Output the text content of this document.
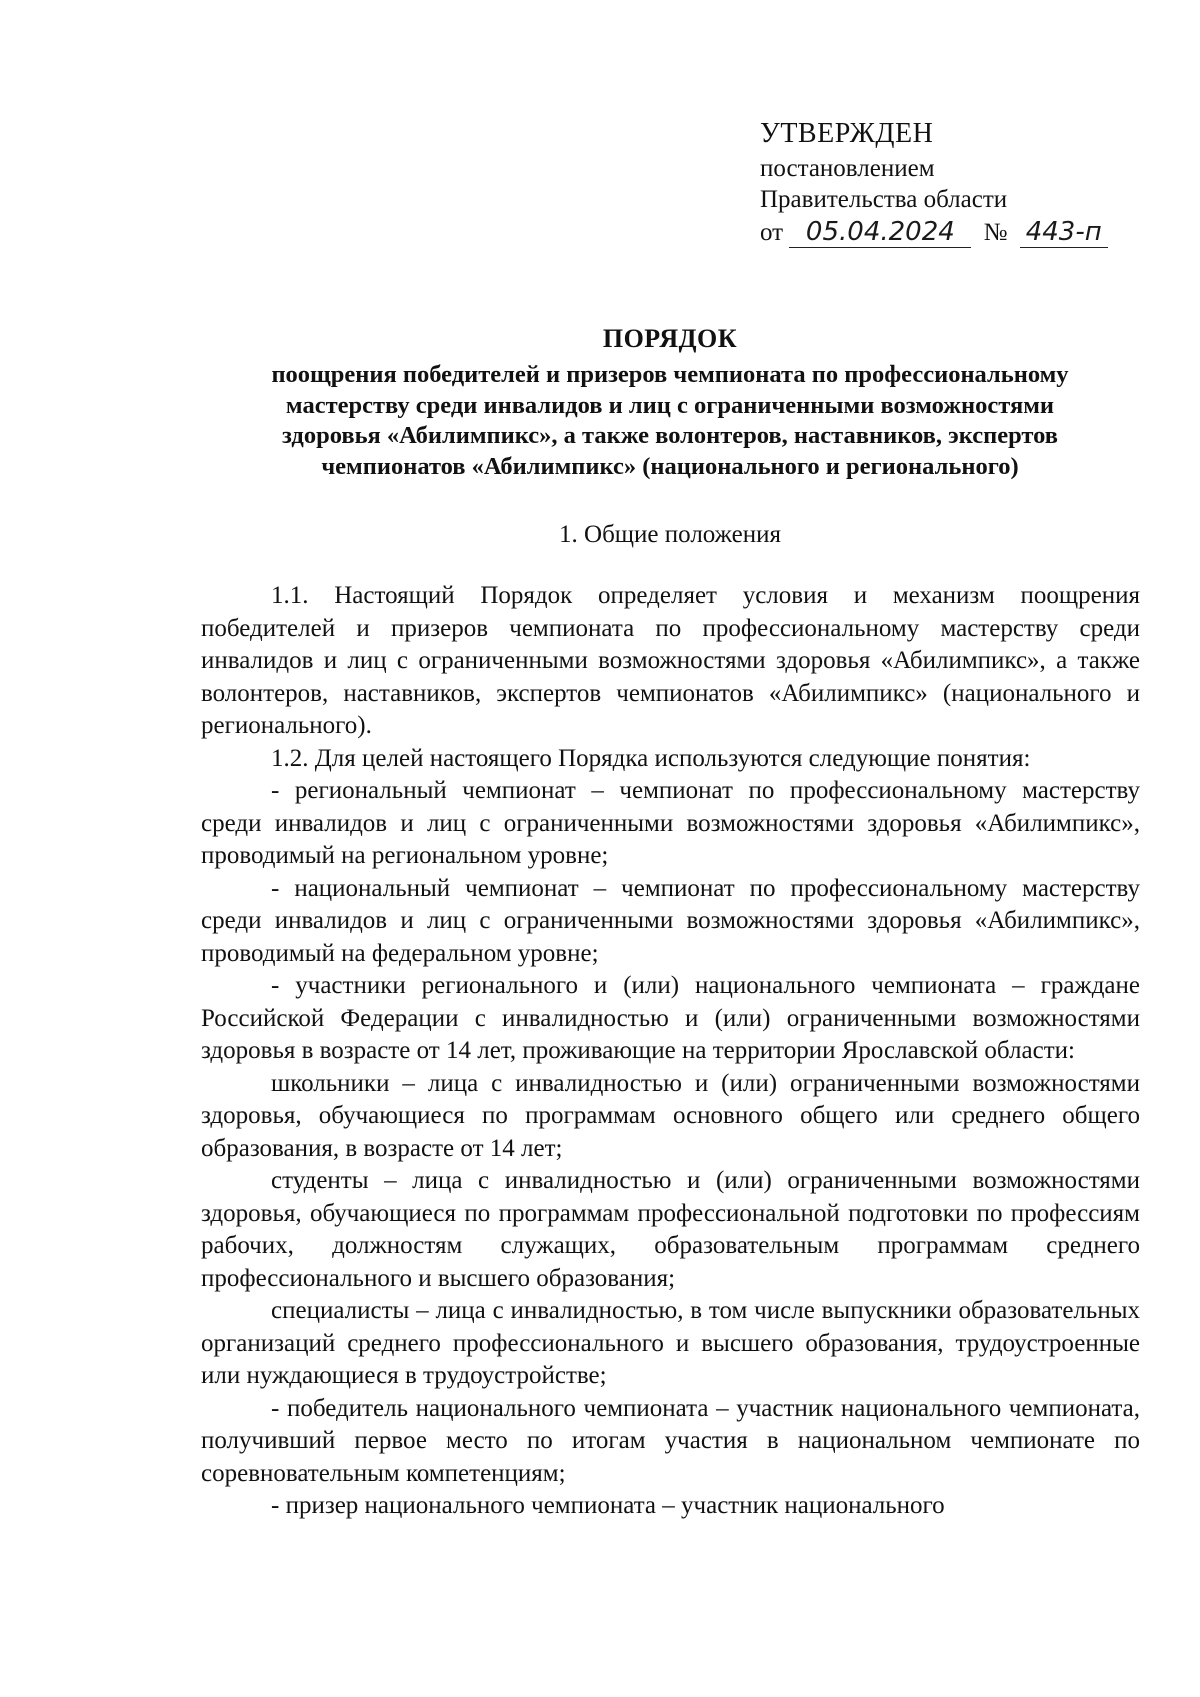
УТВЕРЖДЕН
постановлением
Правительства области
от 05.04.2024 № 443-п
ПОРЯДОК
поощрения победителей и призеров чемпионата по профессиональному
мастерству среди инвалидов и лиц с ограниченными возможностями
здоровья «Абилимпикс», а также волонтеров, наставников, экспертов
чемпионатов «Абилимпикс» (национального и регионального)
1. Общие положения

1.1. Настоящий Порядок определяет условия и механизм поощрения победителей и призеров чемпионата по профессиональному мастерству среди инвалидов и лиц с ограниченными возможностями здоровья «Абилимпикс», а также волонтеров, наставников, экспертов чемпионатов «Абилимпикс» (национального и регионального).

1.2. Для целей настоящего Порядка используются следующие понятия:

- региональный чемпионат – чемпионат по профессиональному мастерству среди инвалидов и лиц с ограниченными возможностями здоровья «Абилимпикс», проводимый на региональном уровне;

- национальный чемпионат – чемпионат по профессиональному мастерству среди инвалидов и лиц с ограниченными возможностями здоровья «Абилимпикс», проводимый на федеральном уровне;

- участники регионального и (или) национального чемпионата – граждане Российской Федерации с инвалидностью и (или) ограниченными возможностями здоровья в возрасте от 14 лет, проживающие на территории Ярославской области:

школьники – лица с инвалидностью и (или) ограниченными возможностями здоровья, обучающиеся по программам основного общего или среднего общего образования, в возрасте от 14 лет;

студенты – лица с инвалидностью и (или) ограниченными возможностями здоровья, обучающиеся по программам профессиональной подготовки по профессиям рабочих, должностям служащих, образовательным программам среднего профессионального и высшего образования;

специалисты – лица с инвалидностью, в том числе выпускники образовательных организаций среднего профессионального и высшего образования, трудоустроенные или нуждающиеся в трудоустройстве;

- победитель национального чемпионата – участник национального чемпионата, получивший первое место по итогам участия в национальном чемпионате по соревновательным компетенциям;

- призер национального чемпионата – участник национального
